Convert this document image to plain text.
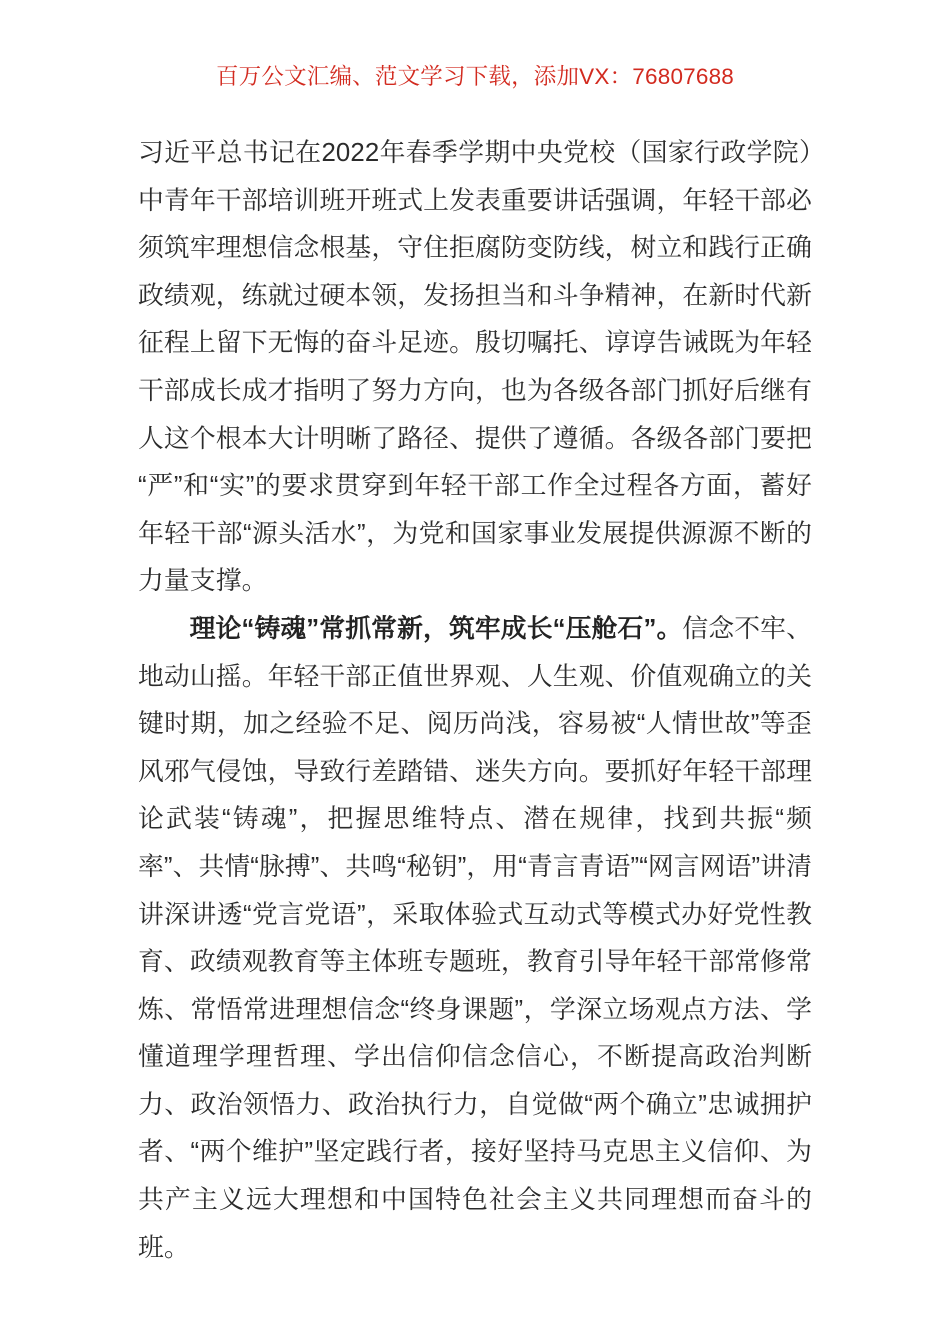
百万公文汇编、范文学习下载，添加VX：76807688

习近平总书记在2022年春季学期中央党校（国家行政学院）中青年干部培训班开班式上发表重要讲话强调，年轻干部必须筑牢理想信念根基，守住拒腐防变防线，树立和践行正确政绩观，练就过硬本领，发扬担当和斗争精神，在新时代新征程上留下无悔的奋斗足迹。殷切嘱托、谆谆告诫既为年轻干部成长成才指明了努力方向，也为各级各部门抓好后继有人这个根本大计明晰了路径、提供了遵循。各级各部门要把“严”和“实”的要求贯穿到年轻干部工作全过程各方面，蓄好年轻干部“源头活水”，为党和国家事业发展提供源源不断的力量支撑。

理论“铸魂”常抓常新，筑牢成长“压舱石”。信念不牢、地动山摇。年轻干部正值世界观、人生观、价值观确立的关键时期，加之经验不足、阅历尚浅，容易被“人情世故”等歪风邪气侵蚀，导致行差踏错、迷失方向。要抓好年轻干部理论武装“铸魂”，把握思维特点、潜在规律，找到共振“频率”、共情“脉搏”、共鸣“秘钥”，用“青言青语”“网言网语”讲清讲深讲透“党言党语”，采取体验式互动式等模式办好党性教育、政绩观教育等主体班专题班，教育引导年轻干部常修常炼、常悟常进理想信念“终身课题”，学深立场观点方法、学懂道理学理哲理、学出信仰信念信心，不断提高政治判断力、政治领悟力、政治执行力，自觉做“两个确立”忠诚拥护者、“两个维护”坚定践行者，接好坚持马克思主义信仰、为共产主义远大理想和中国特色社会主义共同理想而奋斗的班。
